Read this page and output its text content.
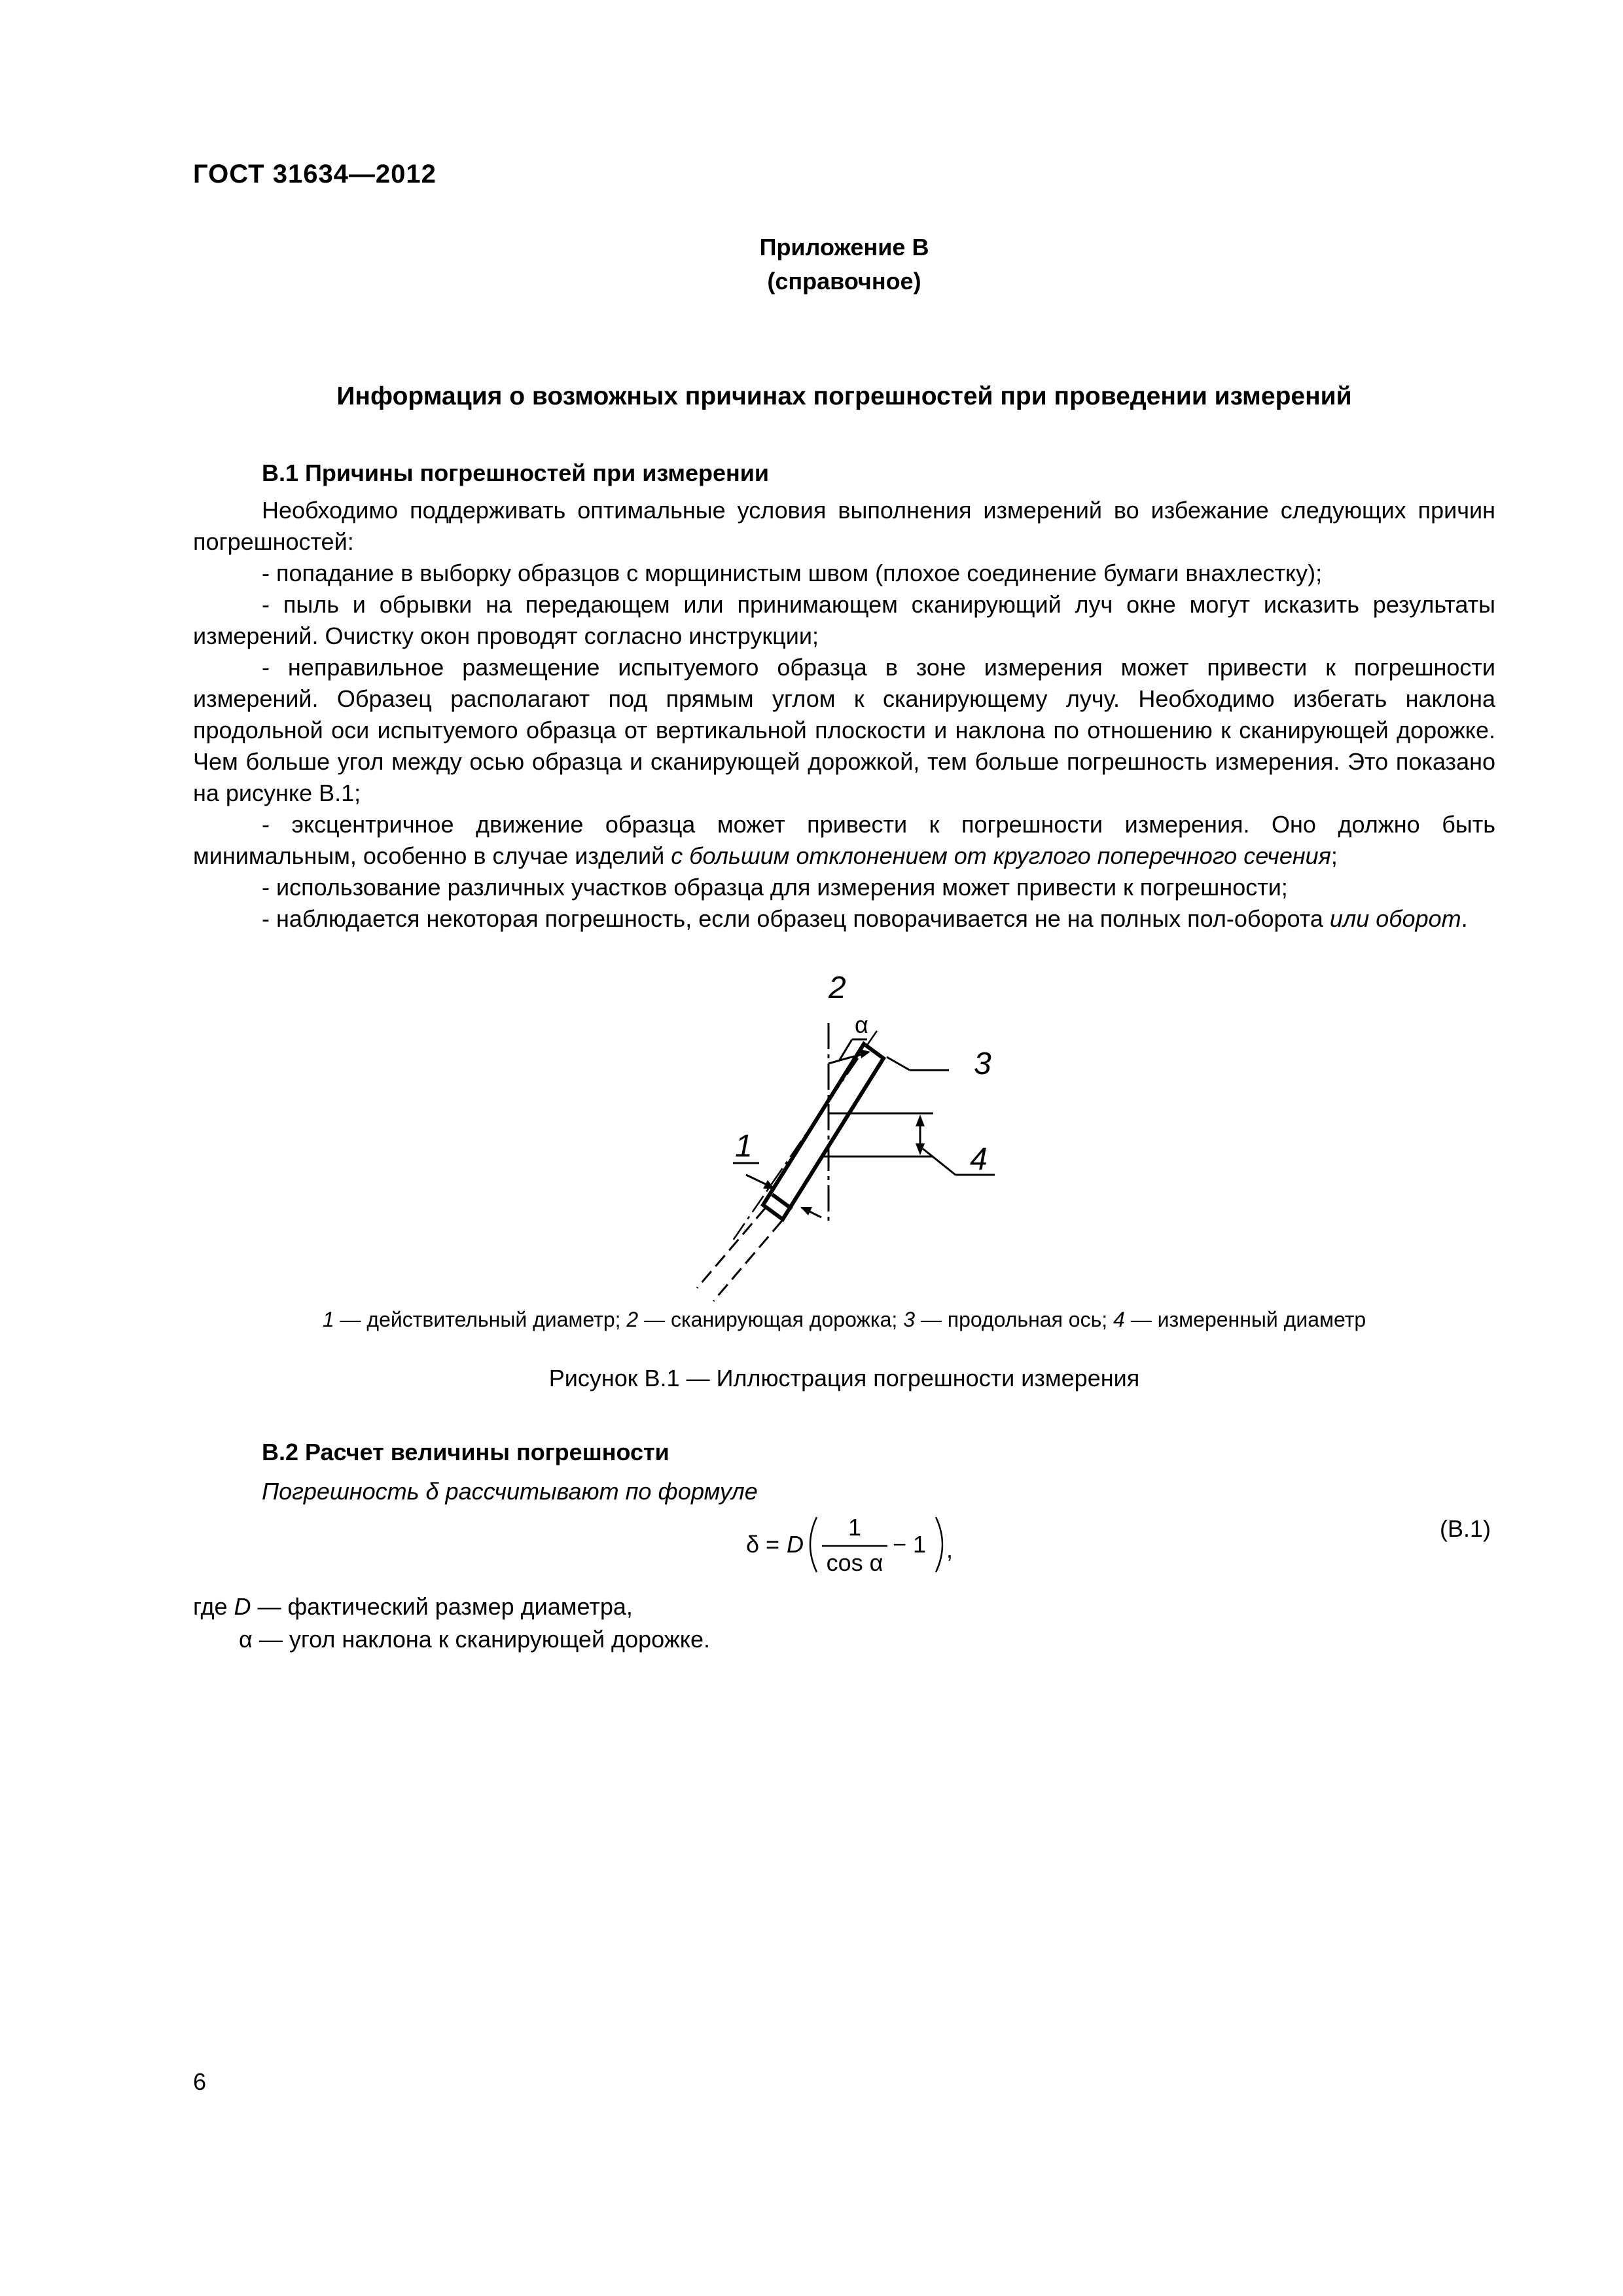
ГОСТ 31634—2012
Приложение В
(справочное)
Информация о возможных причинах погрешностей при проведении измерений
В.1 Причины погрешностей при измерении

Необходимо поддерживать оптимальные условия выполнения измерений во избежание следующих причин погрешностей:

- попадание в выборку образцов с морщинистым швом (плохое соединение бумаги внахлестку);

- пыль и обрывки на передающем или принимающем сканирующий луч окне могут исказить результаты измерений. Очистку окон проводят согласно инструкции;

- неправильное размещение испытуемого образца в зоне измерения может привести к погрешности измерений. Образец располагают под прямым углом к сканирующему лучу. Необходимо избегать наклона продольной оси испытуемого образца от вертикальной плоскости и наклона по отношению к сканирующей дорожке. Чем больше угол между осью образца и сканирующей дорожкой, тем больше погрешность измерения. Это показано на рисунке В.1;

- эксцентричное движение образца может привести к погрешности измерения. Оно должно быть минимальным, особенно в случае изделий с большим отклонением от круглого поперечного сечения;

- использование различных участков образца для измерения может привести к погрешности;

- наблюдается некоторая погрешность, если образец поворачивается не на полных пол-оборота или оборот.

2
α
3
4
1
1 — действительный диаметр; 2 — сканирующая дорожка; 3 — продольная ось; 4 — измеренный диаметр
Рисунок В.1 — Иллюстрация погрешности измерения
В.2 Расчет величины погрешности
Погрешность δ рассчитывают по формуле
δ = D
1
cos α
− 1 ,
(В.1)
где D — фактический размер диаметра,
α — угол наклона к сканирующей дорожке.
6
